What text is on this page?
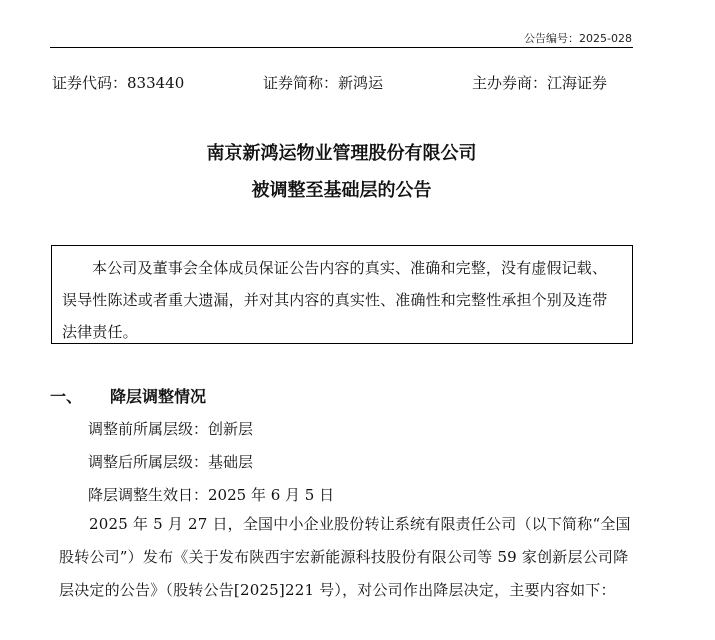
公告编号：2025-028
证券代码：833440	证券简称：新鸿运	主办券商：江海证券
南京新鸿运物业管理股份有限公司
被调整至基础层的公告
本公司及董事会全体成员保证公告内容的真实、准确和完整，没有虚假记载、误导性陈述或者重大遗漏，并对其内容的真实性、准确性和完整性承担个别及连带法律责任。
一、 降层调整情况
调整前所属层级：创新层
调整后所属层级：基础层
降层调整生效日：2025 年 6 月 5 日
2025 年 5 月 27 日，全国中小企业股份转让系统有限责任公司（以下简称“全国股转公司”）发布《关于发布陕西宇宏新能源科技股份有限公司等 59 家创新层公司降层决定的公告》（股转公告[2025]221 号），对公司作出降层决定，主要内容如下：
